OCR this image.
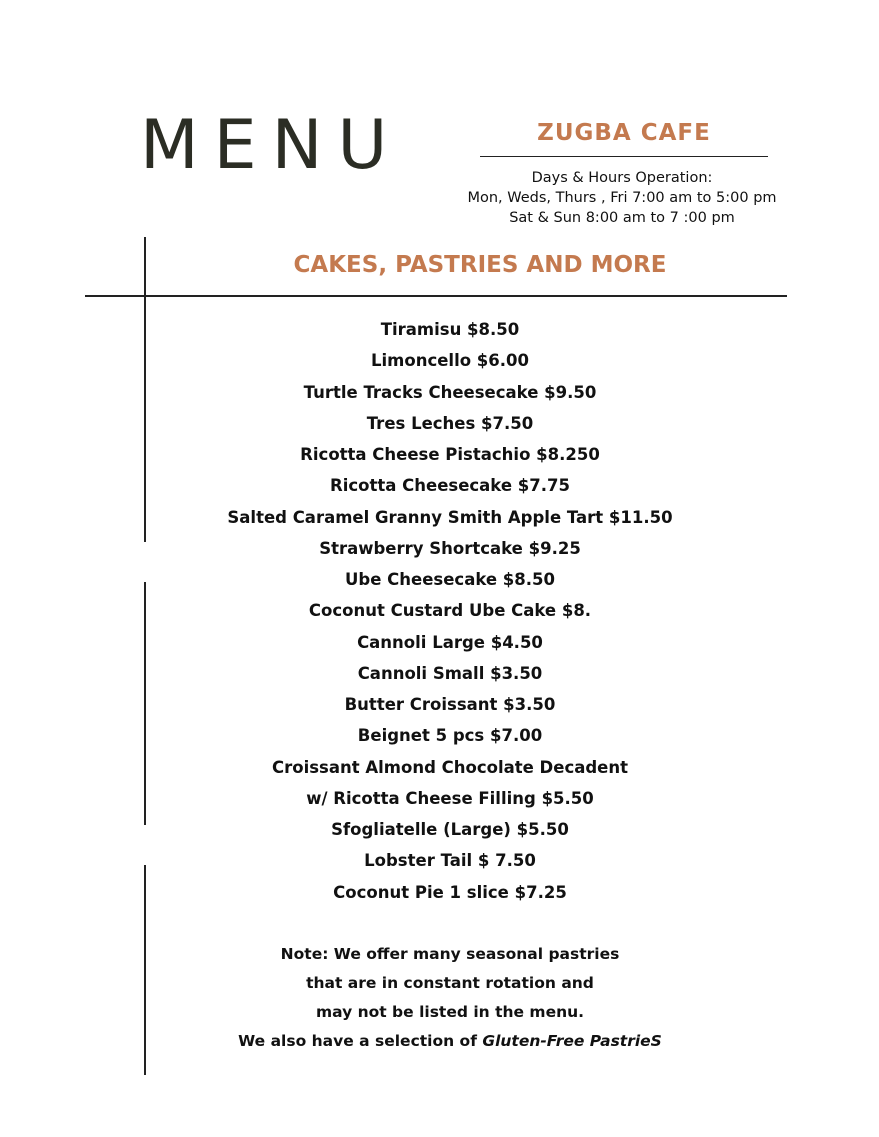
MENU	ZUGBA CAFE
Days & Hours Operation:
Mon, Weds, Thurs , Fri 7:00 am to 5:00 pm
Sat & Sun 8:00 am to 7 :00 pm
CAKES, PASTRIES AND MORE
Tiramisu $8.50
Limoncello $6.00
Turtle Tracks Cheesecake $9.50
Tres Leches $7.50
Ricotta Cheese Pistachio $8.250
Ricotta Cheesecake $7.75
Salted Caramel Granny Smith Apple Tart $11.50
Strawberry Shortcake $9.25
Ube Cheesecake $8.50
Coconut Custard Ube Cake $8.
Cannoli Large $4.50
Cannoli Small $3.50
Butter Croissant $3.50
Beignet 5 pcs $7.00
Croissant Almond Chocolate Decadent
w/ Ricotta Cheese Filling $5.50
Sfogliatelle (Large) $5.50
Lobster Tail $ 7.50
Coconut Pie 1 slice $7.25
Note: We offer many seasonal pastries
that are in constant rotation and
may not be listed in the menu.
We also have a selection of Gluten-Free PastrieS
